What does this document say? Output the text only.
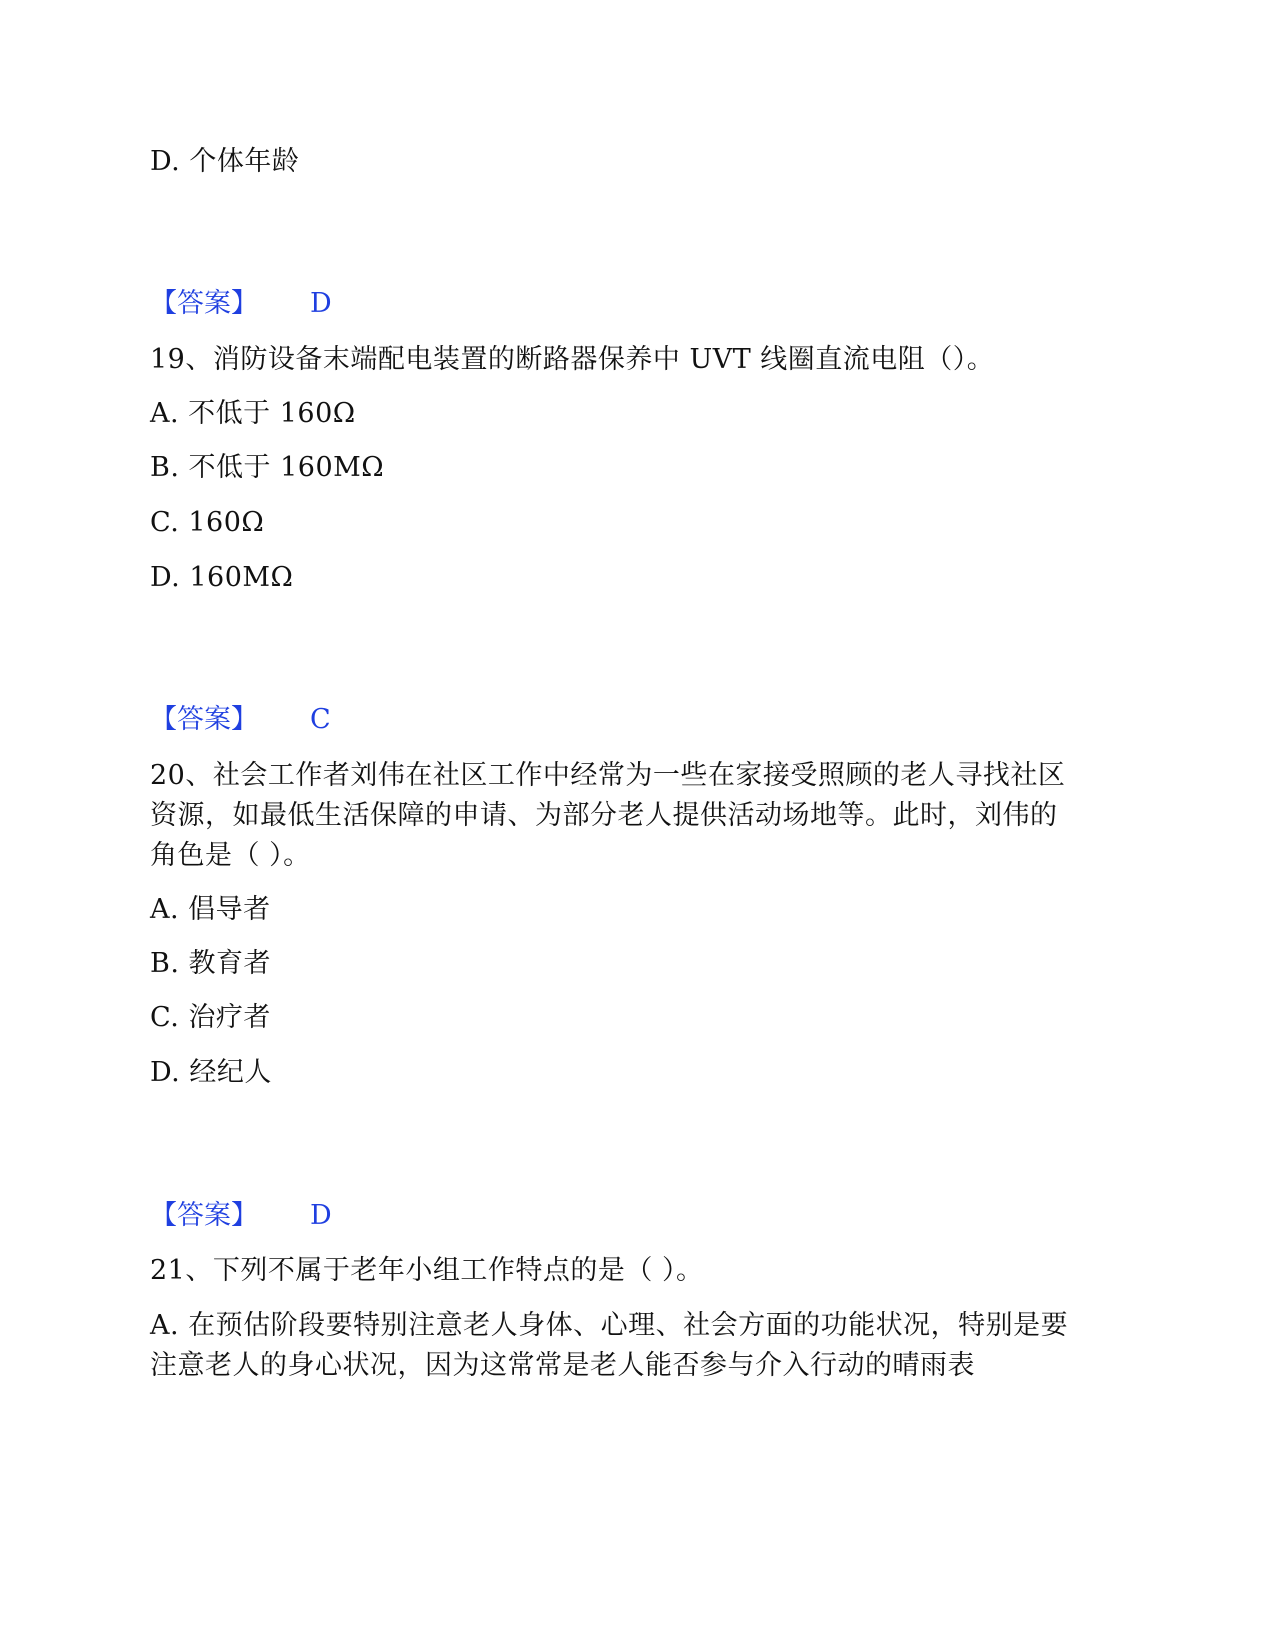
D. 个体年龄
【答案】 D
19、消防设备末端配电装置的断路器保养中 UVT 线圈直流电阻（）。
A. 不低于 160Ω
B. 不低于 160MΩ
C. 160Ω
D. 160MΩ
【答案】 C
20、社会工作者刘伟在社区工作中经常为一些在家接受照顾的老人寻找社区
资源，如最低生活保障的申请、为部分老人提供活动场地等。此时，刘伟的
角色是（ ）。
A. 倡导者
B. 教育者
C. 治疗者
D. 经纪人
【答案】 D
21、下列不属于老年小组工作特点的是（ ）。
A. 在预估阶段要特别注意老人身体、心理、社会方面的功能状况，特别是要
注意老人的身心状况，因为这常常是老人能否参与介入行动的晴雨表
